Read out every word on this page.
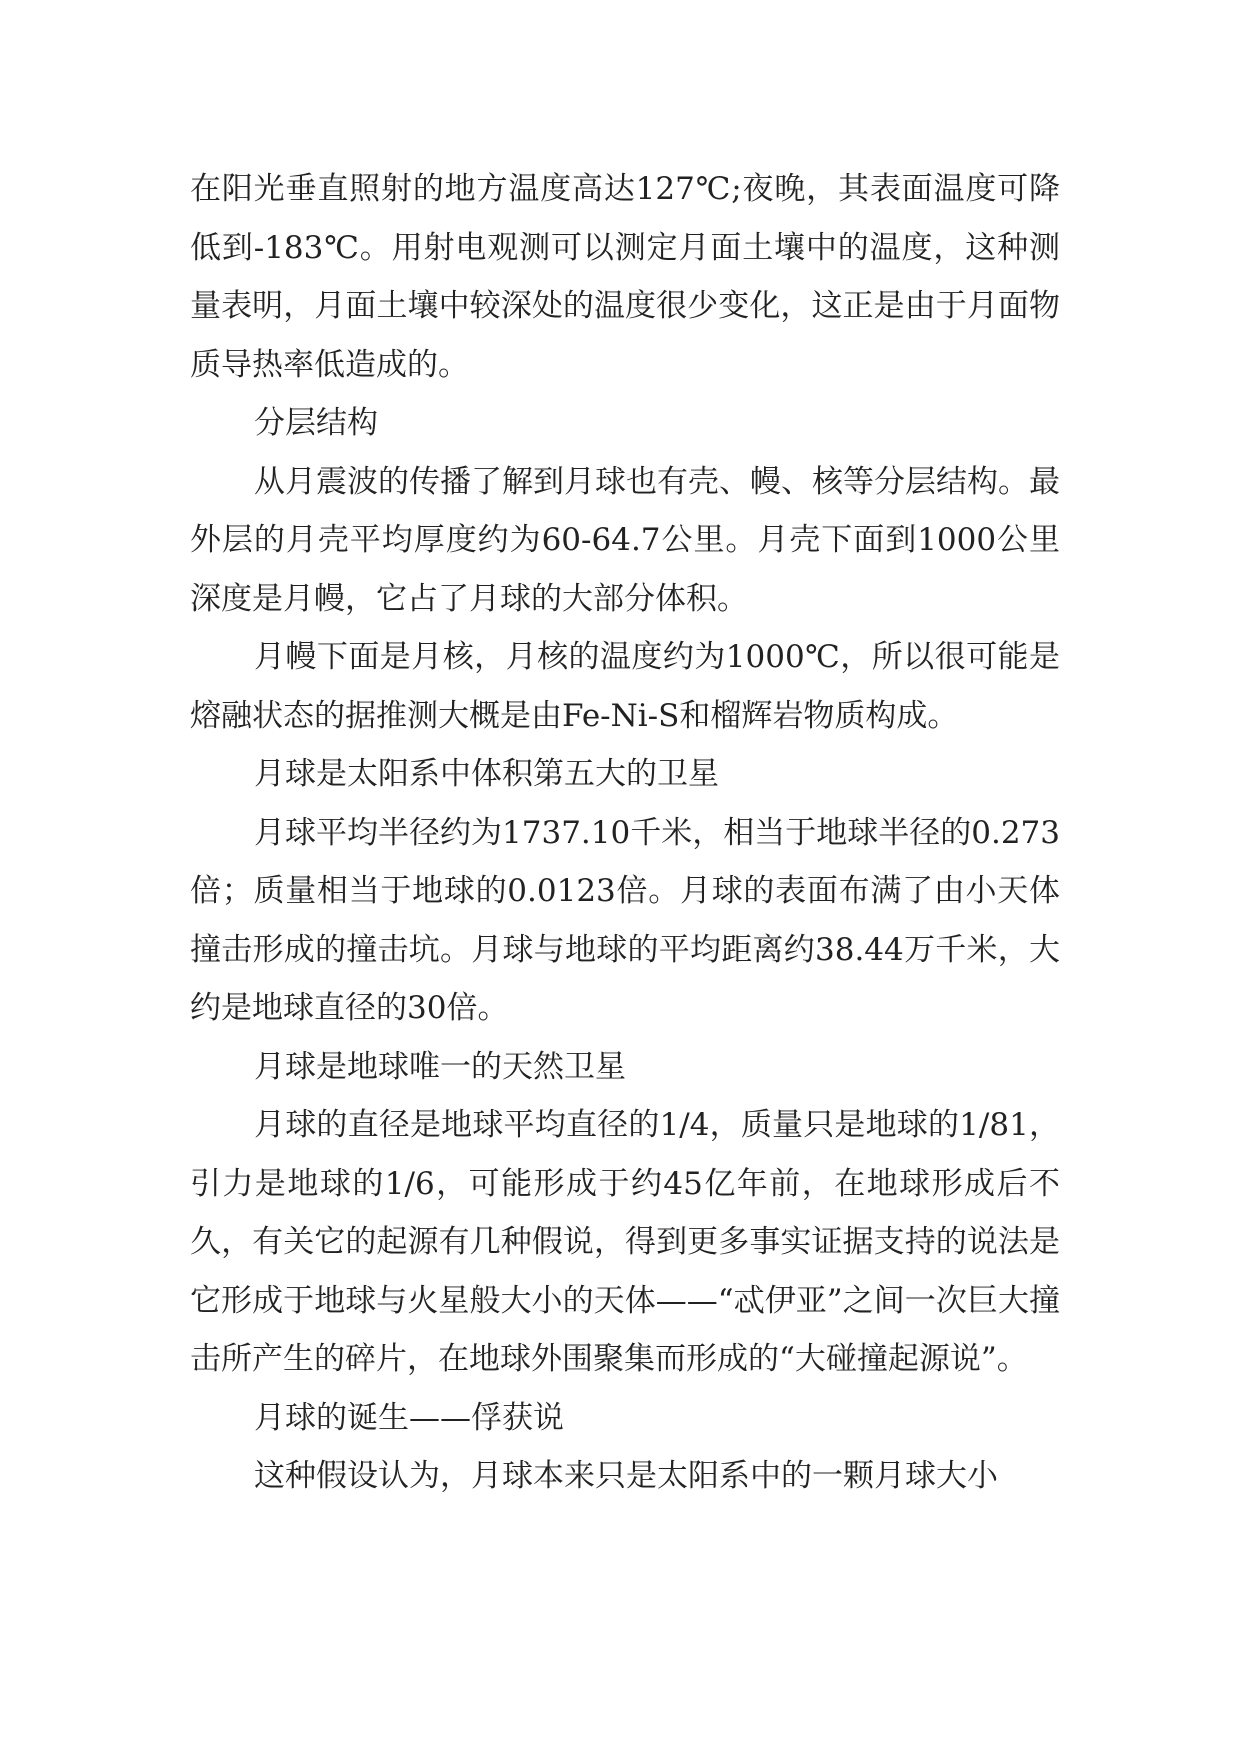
在阳光垂直照射的地方温度高达127℃;夜晚，其表面温度可降低到-183℃。用射电观测可以测定月面土壤中的温度，这种测量表明，月面土壤中较深处的温度很少变化，这正是由于月面物质导热率低造成的。

分层结构

从月震波的传播了解到月球也有壳、幔、核等分层结构。最外层的月壳平均厚度约为60-64.7公里。月壳下面到1000公里深度是月幔，它占了月球的大部分体积。

月幔下面是月核，月核的温度约为1000℃，所以很可能是熔融状态的据推测大概是由Fe-Ni-S和榴辉岩物质构成。

月球是太阳系中体积第五大的卫星

月球平均半径约为1737.10千米，相当于地球半径的0.273倍；质量相当于地球的0.0123倍。月球的表面布满了由小天体撞击形成的撞击坑。月球与地球的平均距离约38.44万千米，大约是地球直径的30倍。

月球是地球唯一的天然卫星

月球的直径是地球平均直径的1/4，质量只是地球的1/81，引力是地球的1/6，可能形成于约45亿年前，在地球形成后不久，有关它的起源有几种假说，得到更多事实证据支持的说法是它形成于地球与火星般大小的天体——“忒伊亚”之间一次巨大撞击所产生的碎片，在地球外围聚集而形成的“大碰撞起源说”。

月球的诞生——俘获说

这种假设认为，月球本来只是太阳系中的一颗月球大小
